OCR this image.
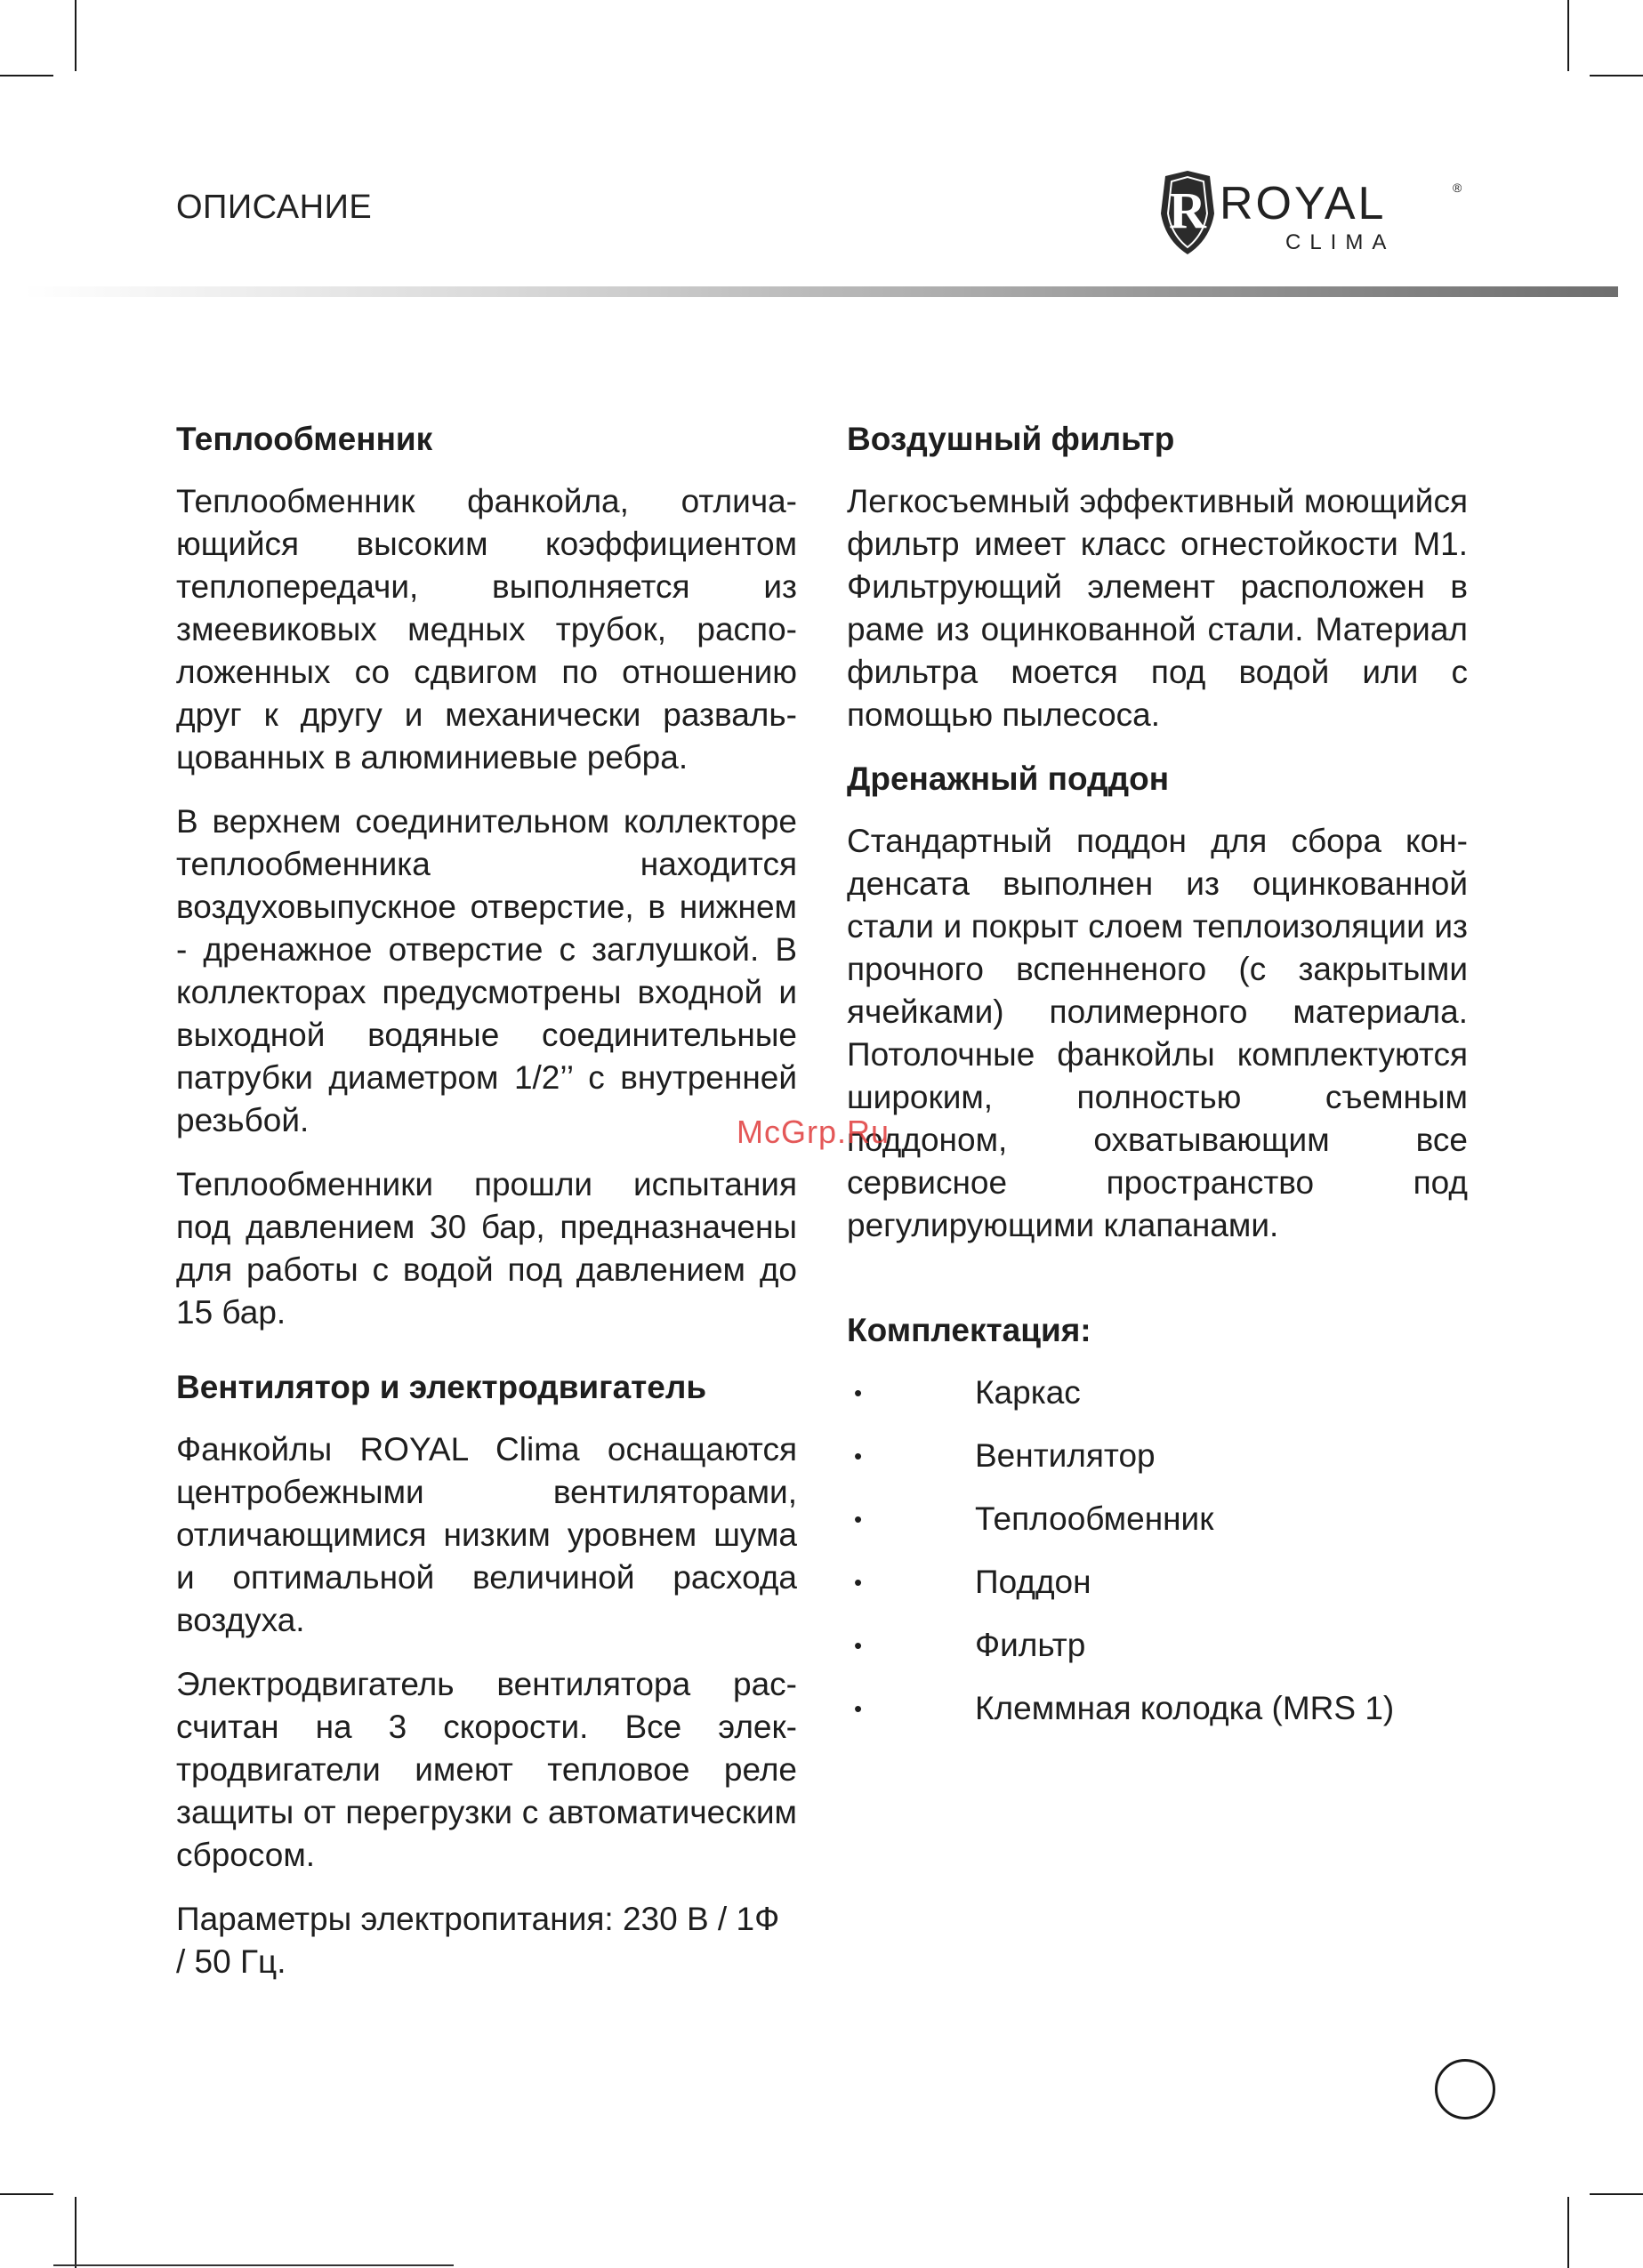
ОПИСАНИЕ	R ROYAL	®
CLIMA
Теплообменник

Теплообменник фанкойла, отличающийся высоким коэффициентом теплопередачи, выполняется из змеевиковых медных трубок, расположенных со сдвигом по отношению друг к другу и механически развальцованных в алюминиевые ребра.

В верхнем соединительном коллекторе теплообменника находится воздуховыпускное отверстие, в нижнем - дренажное отверстие с заглушкой. В коллекторах предусмотрены входной и выходной водяные соединительные патрубки диаметром 1/2’’ с внутренней резьбой.

Теплообменники прошли испытания под давлением 30 бар, предназначены для работы с водой под давлением до 15 бар.

Вентилятор и электродвигатель

Фанкойлы ROYAL Clima оснащаются центробежными вентиляторами, отличающимися низким уровнем шума и оптимальной величиной расхода воздуха.

Электродвигатель вентилятора рассчитан на 3 скорости. Все электродвигатели имеют тепловое реле защиты от перегрузки с автоматическим сбросом.

Параметры электропитания: 230 В / 1Ф / 50 Гц.

Воздушный фильтр

Легкосъемный эффективный моющийся фильтр имеет класс огнестойкости М1. Фильтрующий элемент расположен в раме из оцинкованной стали. Материал фильтра моется под водой или с помощью пылесоса.

Дренажный поддон

Стандартный поддон для сбора конденсата выполнен из оцинкованной стали и покрыт слоем теплоизоляции из прочного вспенненого (с закрытыми ячейками) полимерного материала. Потолочные фанкойлы комплектуются широким, полностью съемным поддоном, охватывающим все сервисное пространство под регулирующими клапанами.

Комплектация:
•	Каркас
•	Вентилятор
•	Теплообменник
•	Поддон
•	Фильтр
•	Клеммная колодка (MRS 1)
McGrp.Ru
